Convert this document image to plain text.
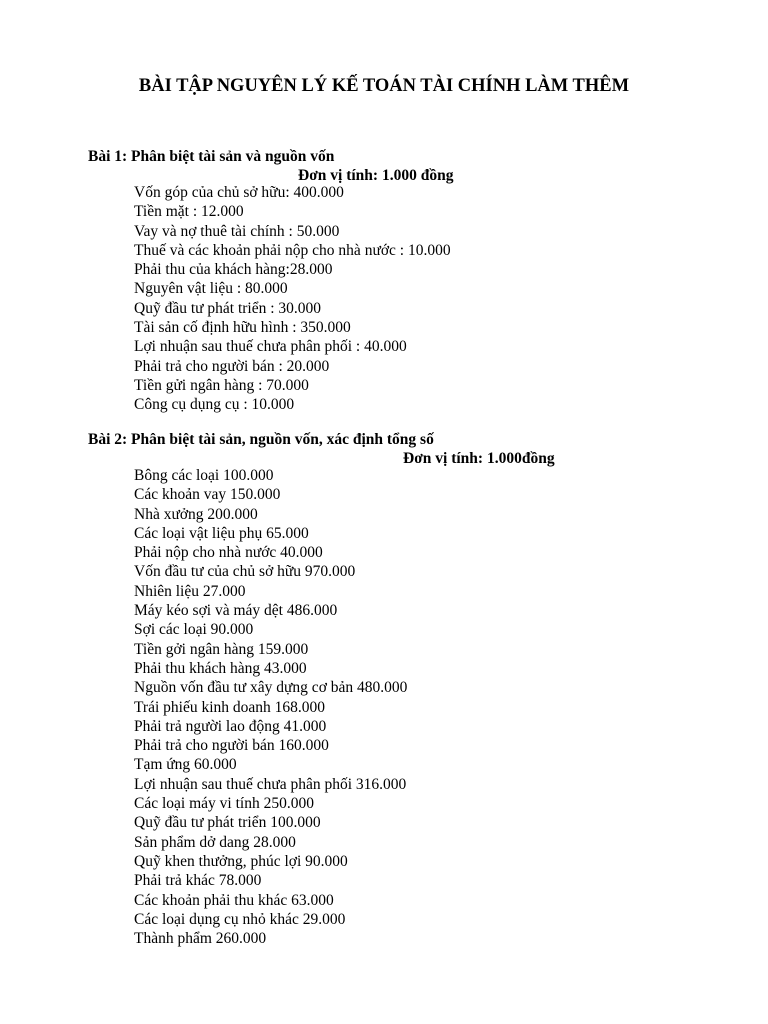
BÀI TẬP NGUYÊN LÝ KẾ TOÁN TÀI CHÍNH LÀM THÊM
Bài 1: Phân biệt tài sản và nguồn vốn
Đơn vị tính: 1.000 đồng
Vốn góp của chủ sở hữu: 400.000
Tiền mặt : 12.000
Vay và nợ thuê tài chính : 50.000
Thuế và các khoản phải nộp cho nhà nước : 10.000
Phải thu của khách hàng:28.000
Nguyên vật liệu : 80.000
Quỹ đầu tư phát triển : 30.000
Tài sản cố định hữu hình : 350.000
Lợi nhuận sau thuế chưa phân phối : 40.000
Phải trả cho người bán : 20.000
Tiền gửi ngân hàng : 70.000
Công cụ dụng cụ : 10.000
Bài 2: Phân biệt tài sản, nguồn vốn, xác định tổng số
Đơn vị tính: 1.000đồng
Bông các loại 100.000
Các khoản vay 150.000
Nhà xưởng 200.000
Các loại vật liệu phụ 65.000
Phải nộp cho nhà nước 40.000
Vốn đầu tư của chủ sở hữu 970.000
Nhiên liệu 27.000
Máy kéo sợi và máy dệt 486.000
Sợi các loại 90.000
Tiền gởi ngân hàng 159.000
Phải thu khách hàng 43.000
Nguồn vốn đầu tư xây dựng cơ bản 480.000
Trái phiếu kinh doanh 168.000
Phải trả người lao động 41.000
Phải trả cho người bán 160.000
Tạm ứng 60.000
Lợi nhuận sau thuế chưa phân phối 316.000
Các loại máy vi tính 250.000
Quỹ đầu tư phát triển 100.000
Sản phẩm dở dang 28.000
Quỹ khen thưởng, phúc lợi 90.000
Phải trả khác 78.000
Các khoản phải thu khác 63.000
Các loại dụng cụ nhỏ khác 29.000
Thành phẩm 260.000
